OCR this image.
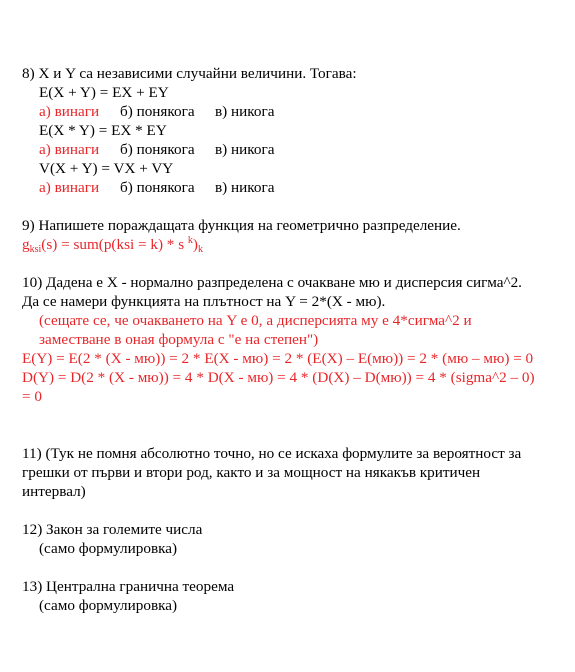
8) X и Y са независими случайни величини. Тогава:
E(X + Y) = EX + EY
а) винаги б) понякога в) никога
E(X * Y) = EX * EY
а) винаги б) понякога в) никога
V(X + Y) = VX + VY
а) винаги б) понякога в) никога
9) Напишете пораждащата функция на геометрично разпределение.
$g_{ksi}(s) = sum(p(ksi = k) * s$ $^k)_k$
10) Дадена е X - нормално разпределена с очакване мю и дисперсия сигма^2.
Да се намери функцията на плътност на Y = 2*(X - мю).
(сещате се, че очакването на Y е 0, а дисперсията му е 4*сигма^2 и
заместване в оная формула с "е на степен")
E(Y) = E(2 * (X - мю)) = 2 * E(X - мю) = 2 * (E(X) – E(мю)) = 2 * (мю – мю) = 0
D(Y) = D(2 * (X - мю)) = 4 * D(X - мю) = 4 * (D(X) – D(мю)) = 4 * (sigma^2 – 0)
= 0
11) (Тук не помня абсолютно точно, но се искаха формулите за вероятност за
грешки от първи и втори род, както и за мощност на някакъв критичен
интервал)
12) Закон за големите числа
(само формулировка)
13) Централна гранична теорема
(само формулировка)
